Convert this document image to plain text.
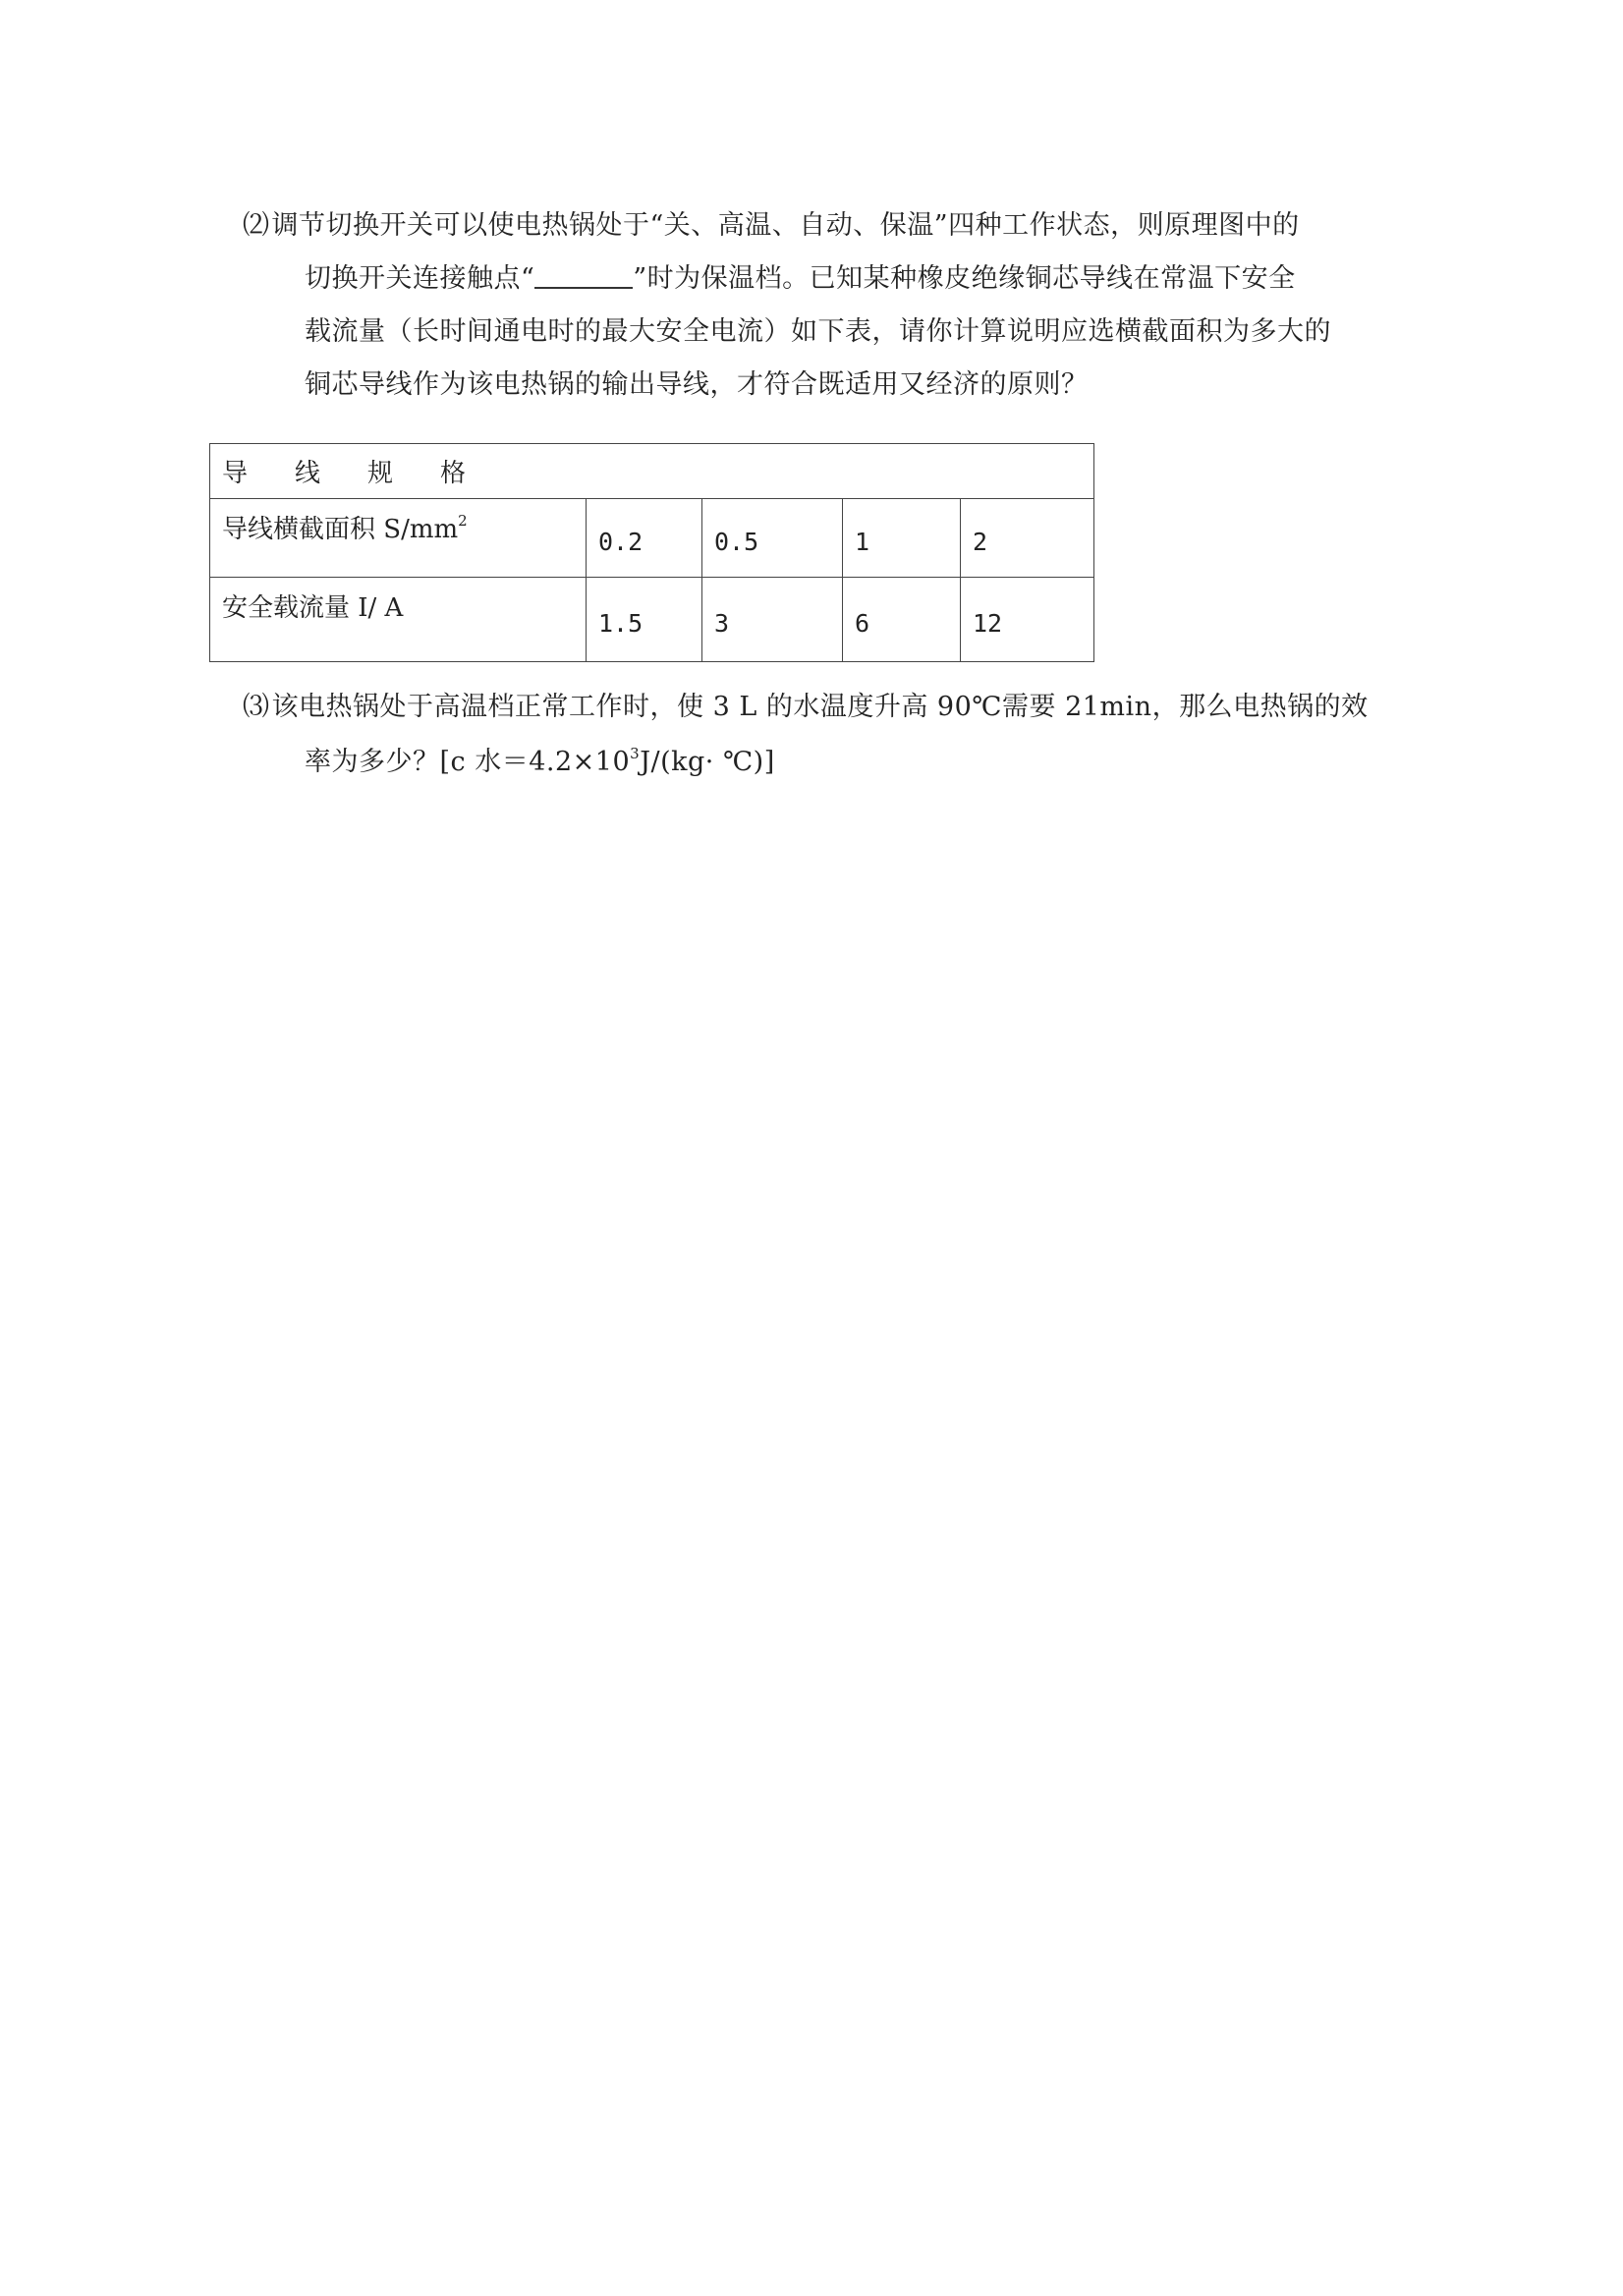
⑵调节切换开关可以使电热锅处于“关、高温、自动、保温”四种工作状态，则原理图中的
切换开关连接触点“	”时为保温档。已知某种橡皮绝缘铜芯导线在常温下安全
载流量（长时间通电时的最大安全电流）如下表，请你计算说明应选横截面积为多大的
铜芯导线作为该电热锅的输出导线，才符合既适用又经济的原则？
导线规格				
导线横截面积 $S/mm^2$	0.2	0.5	1	2
安全载流量 I/ A	1.5	3	6	12
⑶该电热锅处于高温档正常工作时，使 3 L 的水温度升高 90℃需要 21min，那么电热锅的效
率为多少？[c 水$=4.2\times 10^3J/(kg\cdot$ ℃)]
